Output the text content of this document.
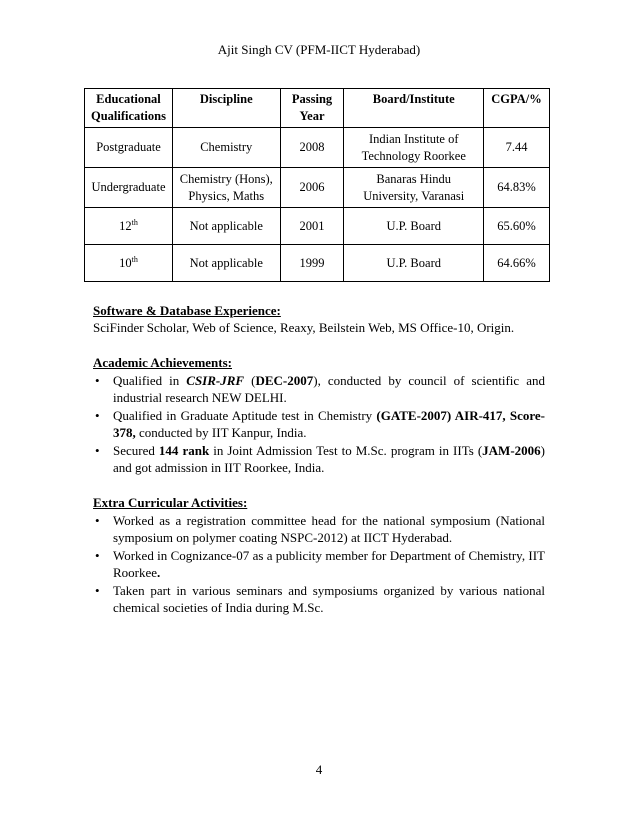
Ajit Singh CV (PFM-IICT Hyderabad)
Educational Qualifications	Discipline	Passing Year	Board/Institute	CGPA/%
Postgraduate	Chemistry	2008	Indian Institute of Technology Roorkee	7.44
Undergraduate	Chemistry (Hons), Physics, Maths	2006	Banaras Hindu University, Varanasi	64.83%
12th	Not applicable	2001	U.P. Board	65.60%
10th	Not applicable	1999	U.P. Board	64.66%
Software & Database Experience:
SciFinder Scholar, Web of Science, Reaxy, Beilstein Web, MS Office-10, Origin.
Academic Achievements:
• Qualified in CSIR-JRF (DEC-2007), conducted by council of scientific and industrial research NEW DELHI.
• Qualified in Graduate Aptitude test in Chemistry (GATE-2007) AIR-417, Score-378, conducted by IIT Kanpur, India.
• Secured 144 rank in Joint Admission Test to M.Sc. program in IITs (JAM-2006) and got admission in IIT Roorkee, India.
Extra Curricular Activities:
• Worked as a registration committee head for the national symposium (National symposium on polymer coating NSPC-2012) at IICT Hyderabad.
• Worked in Cognizance-07 as a publicity member for Department of Chemistry, IIT Roorkee.
• Taken part in various seminars and symposiums organized by various national chemical societies of India during M.Sc.
4
